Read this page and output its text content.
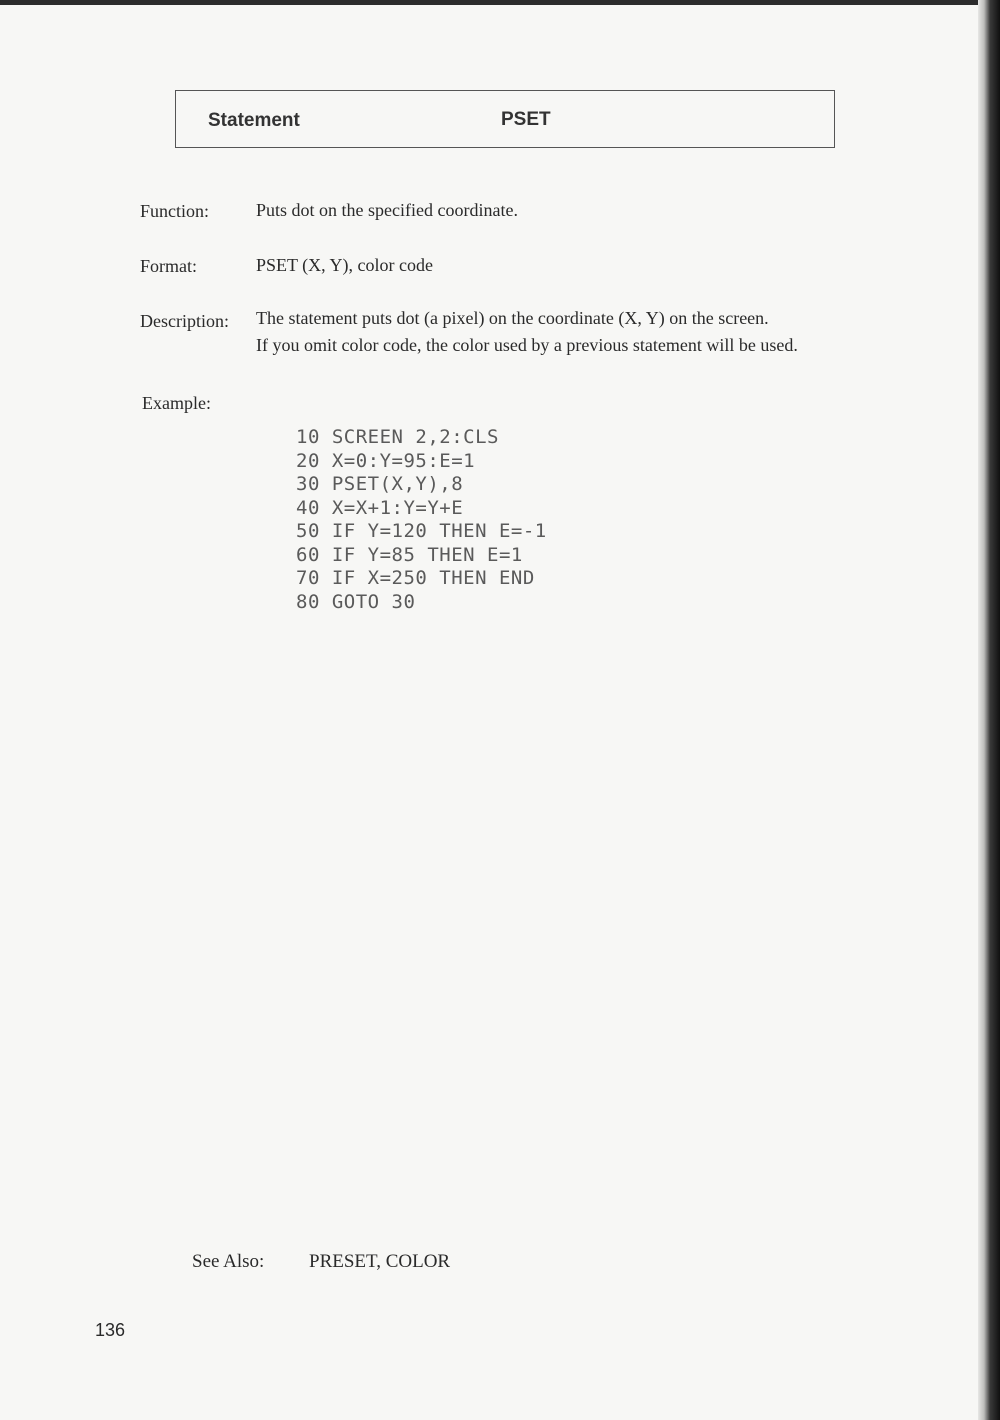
Statement	PSET
Function:	Puts dot on the specified coordinate.
Format:	PSET (X, Y), color code
Description: The statement puts dot (a pixel) on the coordinate (X, Y) on the screen.
If you omit color code, the color used by a previous statement will be used.
Example:
10 SCREEN 2,2:CLS
20 X=0:Y=95:E=1
30 PSET(X,Y),8
40 X=X+1:Y=Y+E
50 IF Y=120 THEN E=-1
60 IF Y=85 THEN E=1
70 IF X=250 THEN END
80 GOTO 30
See Also: PRESET, COLOR
136
